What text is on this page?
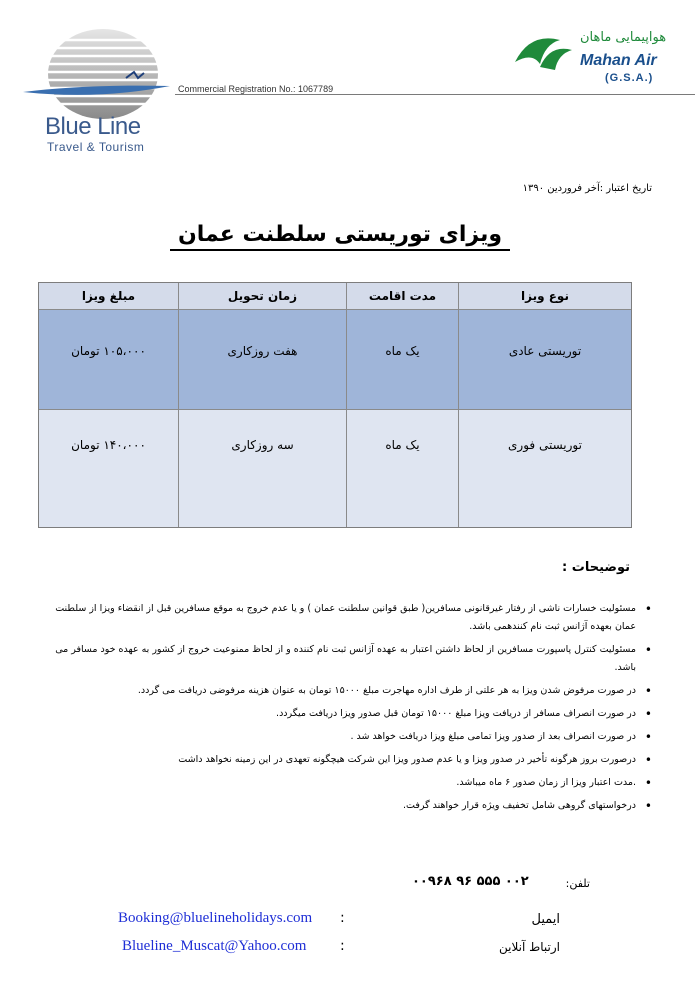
Blue Line
Travel & Tourism
Commercial Registration No.: 1067789
هواپیمایی ماهان
Mahan Air
(G.S.A.)
تاریخ اعتبار :آخر فروردین ۱۳۹۰
ویزای توریستی سلطنت عمان
مبلغ ویزا	زمان تحویل	مدت اقامت	نوع ویزا
۱۰۵،۰۰۰ تومان	هفت روزکاری	یک ماه	توریستی عادی
۱۴۰،۰۰۰ تومان	سه روزکاری	یک ماه	توریستی فوری
توضیحات :
• مسئولیت خسارات ناشی از رفتار غیرقانونی مسافرین( طبق قوانین سلطنت عمان ) و یا عدم خروج به موقع مسافرین قبل از انقضاء ویزا از سلطنت عمان بعهده آژانس ثبت نام کنندهمی باشد.
• مسئولیت کنترل پاسپورت مسافرین از لحاظ داشتن اعتبار به عهده آژانس ثبت نام کننده و از لحاظ ممنوعیت خروج از کشور به عهده خود مسافر می باشد.
• در صورت مرفوض شدن ویزا به هر علتی از طرف اداره مهاجرت مبلغ ۱۵۰۰۰ تومان به عنوان هزینه مرفوضی دریافت می گردد.
• در صورت انصراف مسافر از دریافت ویزا مبلغ ۱۵۰۰۰ تومان قبل صدور ویزا دریافت میگردد.
• در صورت انصراف بعد از صدور ویزا تمامی مبلغ ویزا دریافت خواهد شد .
• درصورت بروز هرگونه تأخیر در صدور ویزا و یا عدم صدور ویزا این شرکت هیچگونه تعهدی در این زمینه نخواهد داشت
• .مدت اعتبار ویزا از زمان صدور ۶ ماه میباشد.
• درخواستهای گروهی شامل تخفیف ویژه قرار خواهند گرفت.
تلفن:
۰۰۹۶۸ ۹۶ ۵۵۵ ۰۰۲
ایمیل
:
Booking@bluelineholidays.com
ارتباط آنلاین
:
Blueline_Muscat@Yahoo.com
